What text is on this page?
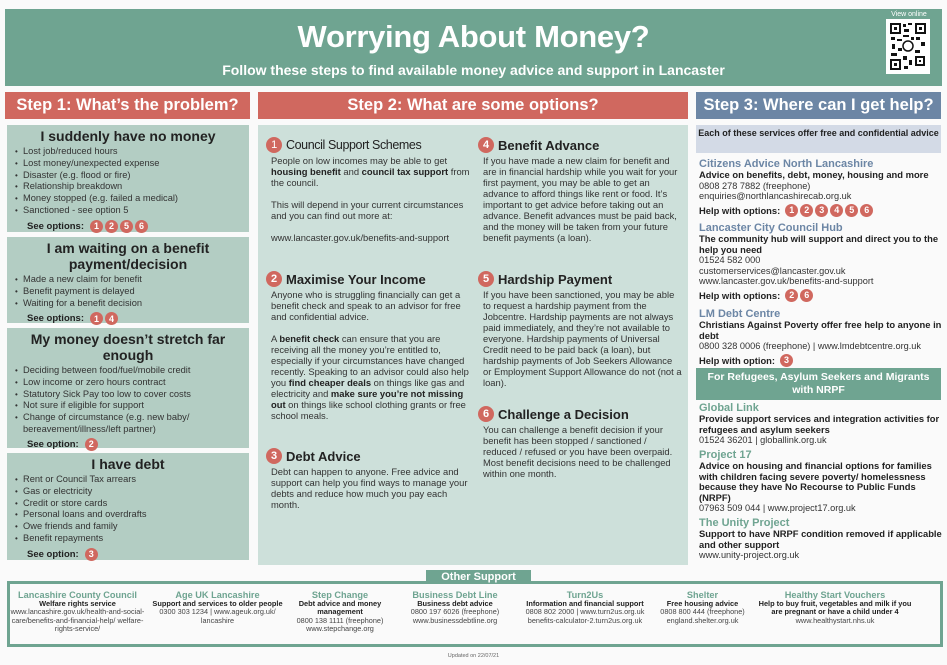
Worrying About Money?
Follow these steps to find available money advice and support in Lancaster
View online
Step 1: What’s the problem?	Step 2: What are some options?	Step 3: Where can I get help?
I suddenly have no money
• Lost job/reduced hours
• Lost money/unexpected expense
• Disaster (e.g. flood or fire)
• Relationship breakdown
• Money stopped (e.g. failed a medical)
• Sanctioned - see option 5
See options:	1	2	5	6
I am waiting on a benefit payment/decision
• Made a new claim for benefit
• Benefit payment is delayed
• Waiting for a benefit decision
See options:	1	4
My money doesn’t stretch far enough
• Deciding between food/fuel/mobile credit
• Low income or zero hours contract
• Statutory Sick Pay too low to cover costs
• Not sure if eligible for support
• Change of circumstance (e.g. new baby/ bereavement/illness/left partner)
See option:	2
I have debt
• Rent or Council Tax arrears
• Gas or electricity
• Credit or store cards
• Personal loans and overdrafts
• Owe friends and family
• Benefit repayments
See option:	3
1 Council Support Schemes

People on low incomes may be able to get housing benefit and council tax support from the council.

This will depend in your current circumstances and you can find out more at:

www.lancaster.gov.uk/benefits-and-support

2 Maximise Your Income

Anyone who is struggling financially can get a benefit check and speak to an advisor for free and confidential advice.

A benefit check can ensure that you are receiving all the money you’re entitled to, especially if your circumstances have changed recently. Speaking to an advisor could also help you find cheaper deals on things like gas and electricity and make sure you’re not missing out on things like school clothing grants or free school meals.

3 Debt Advice

Debt can happen to anyone. Free advice and support can help you find ways to manage your debts and reduce how much you pay each month.

4 Benefit Advance

If you have made a new claim for benefit and are in financial hardship while you wait for your first payment, you may be able to get an advance to afford things like rent or food. It’s important to get advice before taking out an advance. Benefit advances must be paid back, and the money will be taken from your future benefit payments (a loan).

5 Hardship Payment

If you have been sanctioned, you may be able to request a hardship payment from the Jobcentre. Hardship payments are not always paid immediately, and they’re not available to everyone. Hardship payments of Universal Credit need to be paid back (a loan), but hardship payments of Job Seekers Allowance or Employment Support Allowance do not (not a loan).

6 Challenge a Decision

You can challenge a benefit decision if your benefit has been stopped / sanctioned / reduced / refused or you have been overpaid. Most benefit decisions need to be challenged within one month.

Each of these services offer free and confidential advice
Citizens Advice North Lancashire
Advice on benefits, debt, money, housing and more
0808 278 7882 (freephone)
enquiries@northlancashirecab.org.uk
Help with options: 1	2	3	4	5	6
Lancaster City Council Hub
The community hub will support and direct you to the help you need
01524 582 000
customerservices@lancaster.gov.uk
www.lancaster.gov.uk/benefits-and-support
Help with options: 2	6
LM Debt Centre
Christians Against Poverty offer free help to anyone in debt
0800 328 0006 (freephone) | www.lmdebtcentre.org.uk
Help with option: 3
For Refugees, Asylum Seekers and Migrants with NRPF
Global Link
Provide support services and integration activities for refugees and asylum seekers
01524 36201 | globallink.org.uk
Project 17
Advice on housing and financial options for families with children facing severe poverty/ homelessness because they have No Recourse to Public Funds (NRPF)
07963 509 044 | www.project17.org.uk
The Unity Project
Support to have NRPF condition removed if applicable and other support
www.unity-project.org.uk
Other Support
Lancashire County Council
Welfare rights service
www.lancashire.gov.uk/health-and-social-care/benefits-and-financial-help/ welfare-rights-service/
Age UK Lancashire
Support and services to older people
0300 303 1234 | www.ageuk.org.uk/ lancashire
Step Change
Debt advice and money management
0800 138 1111 (freephone)
www.stepchange.org
Business Debt Line
Business debt advice
0800 197 6026 (freephone)
www.businessdebtline.org
Turn2Us
Information and financial support
0808 802 2000 | www.turn2us.org.uk
benefits-calculator-2.turn2us.org.uk
Shelter
Free housing advice
0808 800 444 (freephone)
england.shelter.org.uk
Healthy Start Vouchers
Help to buy fruit, vegetables and milk if you are pregnant or have a child under 4
www.healthystart.nhs.uk
Updated on 22/07/21
